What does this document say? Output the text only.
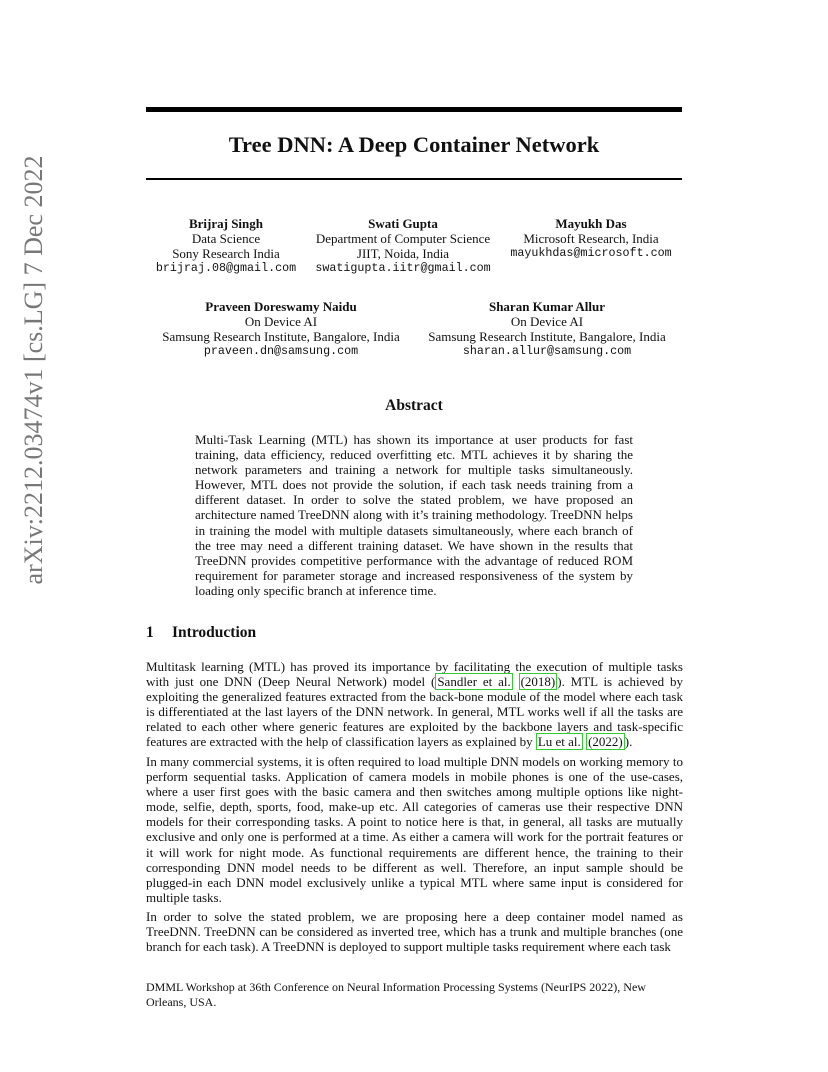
arXiv:2212.03474v1 [cs.LG] 7 Dec 2022
Tree DNN: A Deep Container Network
Brijraj Singh
Data Science
Sony Research India
brijraj.08@gmail.com
Swati Gupta
Department of Computer Science
JIIT, Noida, India
swatigupta.iitr@gmail.com
Mayukh Das
Microsoft Research, India
mayukhdas@microsoft.com
Praveen Doreswamy Naidu
On Device AI
Samsung Research Institute, Bangalore, India
praveen.dn@samsung.com
Sharan Kumar Allur
On Device AI
Samsung Research Institute, Bangalore, India
sharan.allur@samsung.com
Abstract
Multi-Task Learning (MTL) has shown its importance at user products for fast training, data efficiency, reduced overfitting etc. MTL achieves it by sharing the network parameters and training a network for multiple tasks simultaneously. However, MTL does not provide the solution, if each task needs training from a different dataset. In order to solve the stated problem, we have proposed an architecture named TreeDNN along with it’s training methodology. TreeDNN helps in training the model with multiple datasets simultaneously, where each branch of the tree may need a different training dataset. We have shown in the results that TreeDNN provides competitive performance with the advantage of reduced ROM requirement for parameter storage and increased responsiveness of the system by loading only specific branch at inference time.
1 Introduction

Multitask learning (MTL) has proved its importance by facilitating the execution of multiple tasks with just one DNN (Deep Neural Network) model ( Sandler et al. (2018) ). MTL is achieved by exploiting the generalized features extracted from the back-bone module of the model where each task is differentiated at the last layers of the DNN network. In general, MTL works well if all the tasks are related to each other where generic features are exploited by the backbone layers and task-specific features are extracted with the help of classification layers as explained by Lu et al. (2022) ).

In many commercial systems, it is often required to load multiple DNN models on working memory to perform sequential tasks. Application of camera models in mobile phones is one of the use-cases, where a user first goes with the basic camera and then switches among multiple options like night-mode, selfie, depth, sports, food, make-up etc. All categories of cameras use their respective DNN models for their corresponding tasks. A point to notice here is that, in general, all tasks are mutually exclusive and only one is performed at a time. As either a camera will work for the portrait features or it will work for night mode. As functional requirements are different hence, the training to their corresponding DNN model needs to be different as well. Therefore, an input sample should be plugged-in each DNN model exclusively unlike a typical MTL where same input is considered for multiple tasks.

In order to solve the stated problem, we are proposing here a deep container model named as TreeDNN. TreeDNN can be considered as inverted tree, which has a trunk and multiple branches (one branch for each task). A TreeDNN is deployed to support multiple tasks requirement where each task

DMML Workshop at 36th Conference on Neural Information Processing Systems (NeurIPS 2022), New Orleans, USA.
